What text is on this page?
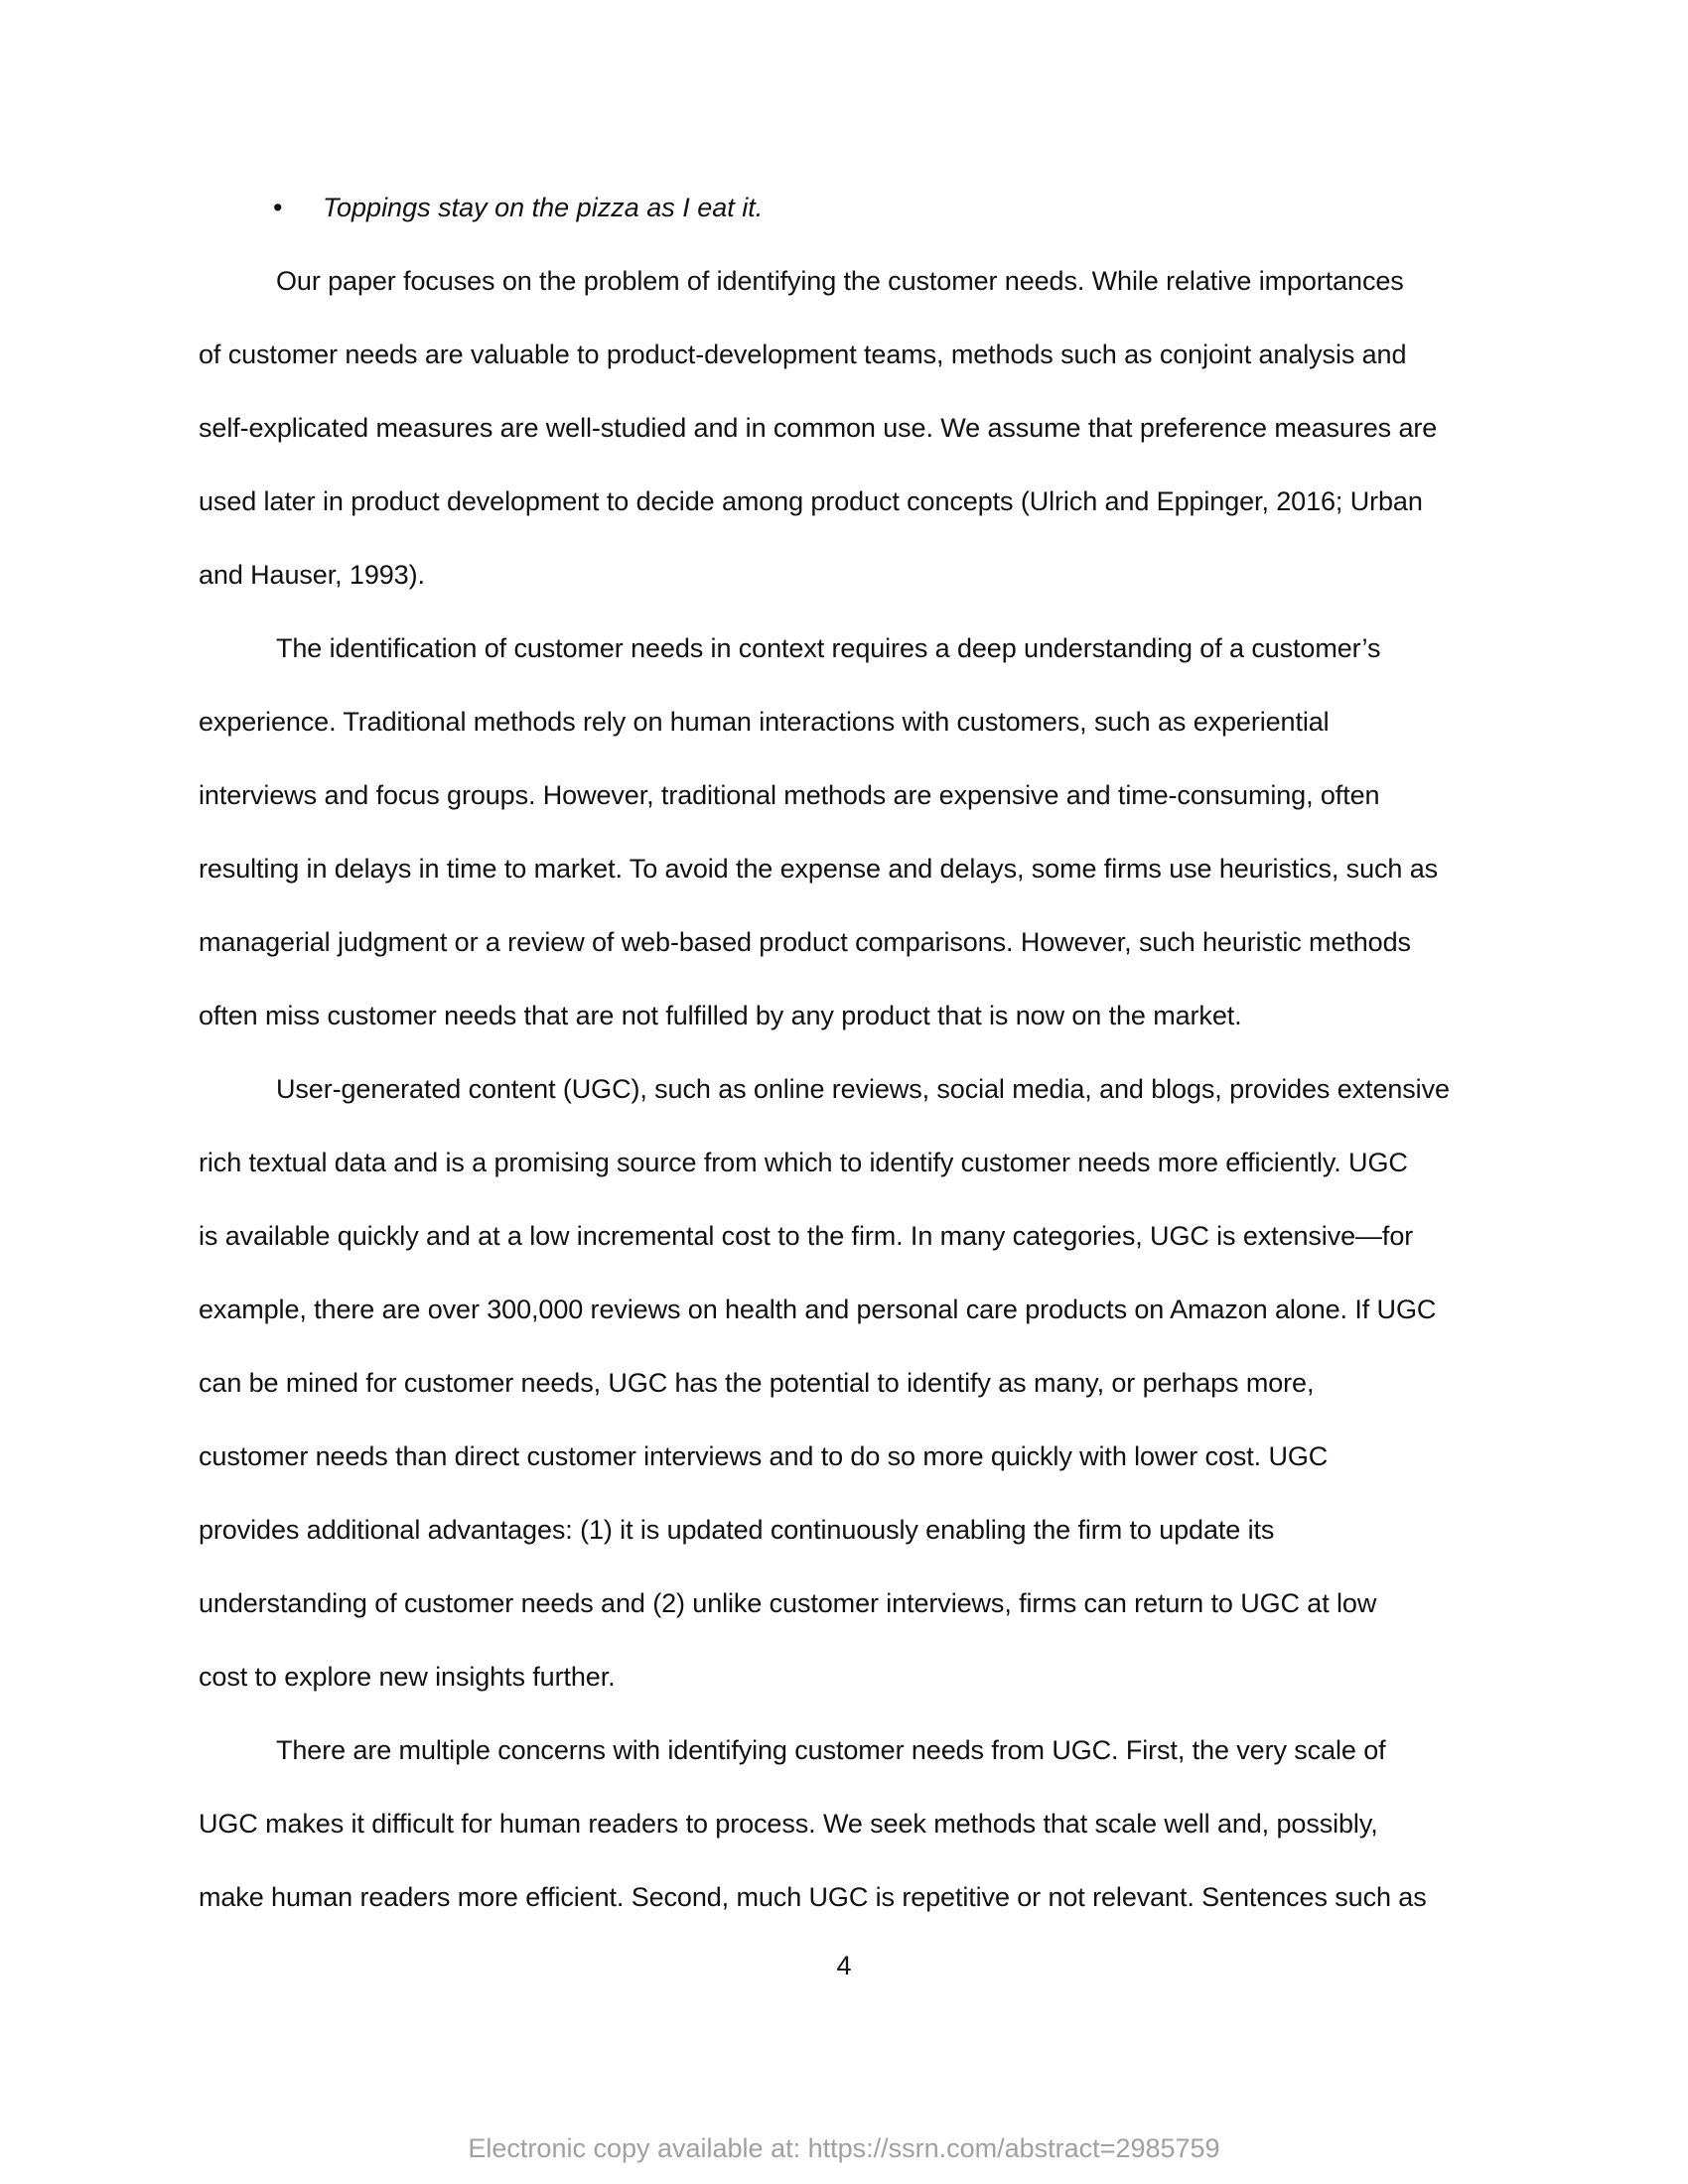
• Toppings stay on the pizza as I eat it.
Our paper focuses on the problem of identifying the customer needs. While relative importances
of customer needs are valuable to product-development teams, methods such as conjoint analysis and
self-explicated measures are well-studied and in common use. We assume that preference measures are
used later in product development to decide among product concepts (Ulrich and Eppinger, 2016; Urban
and Hauser, 1993).
The identification of customer needs in context requires a deep understanding of a customer’s
experience. Traditional methods rely on human interactions with customers, such as experiential
interviews and focus groups. However, traditional methods are expensive and time-consuming, often
resulting in delays in time to market. To avoid the expense and delays, some firms use heuristics, such as
managerial judgment or a review of web-based product comparisons. However, such heuristic methods
often miss customer needs that are not fulfilled by any product that is now on the market.
User-generated content (UGC), such as online reviews, social media, and blogs, provides extensive
rich textual data and is a promising source from which to identify customer needs more efficiently. UGC
is available quickly and at a low incremental cost to the firm. In many categories, UGC is extensive—for
example, there are over 300,000 reviews on health and personal care products on Amazon alone. If UGC
can be mined for customer needs, UGC has the potential to identify as many, or perhaps more,
customer needs than direct customer interviews and to do so more quickly with lower cost. UGC
provides additional advantages: (1) it is updated continuously enabling the firm to update its
understanding of customer needs and (2) unlike customer interviews, firms can return to UGC at low
cost to explore new insights further.
There are multiple concerns with identifying customer needs from UGC. First, the very scale of
UGC makes it difficult for human readers to process. We seek methods that scale well and, possibly,
make human readers more efficient. Second, much UGC is repetitive or not relevant. Sentences such as
4
Electronic copy available at: https://ssrn.com/abstract=2985759
